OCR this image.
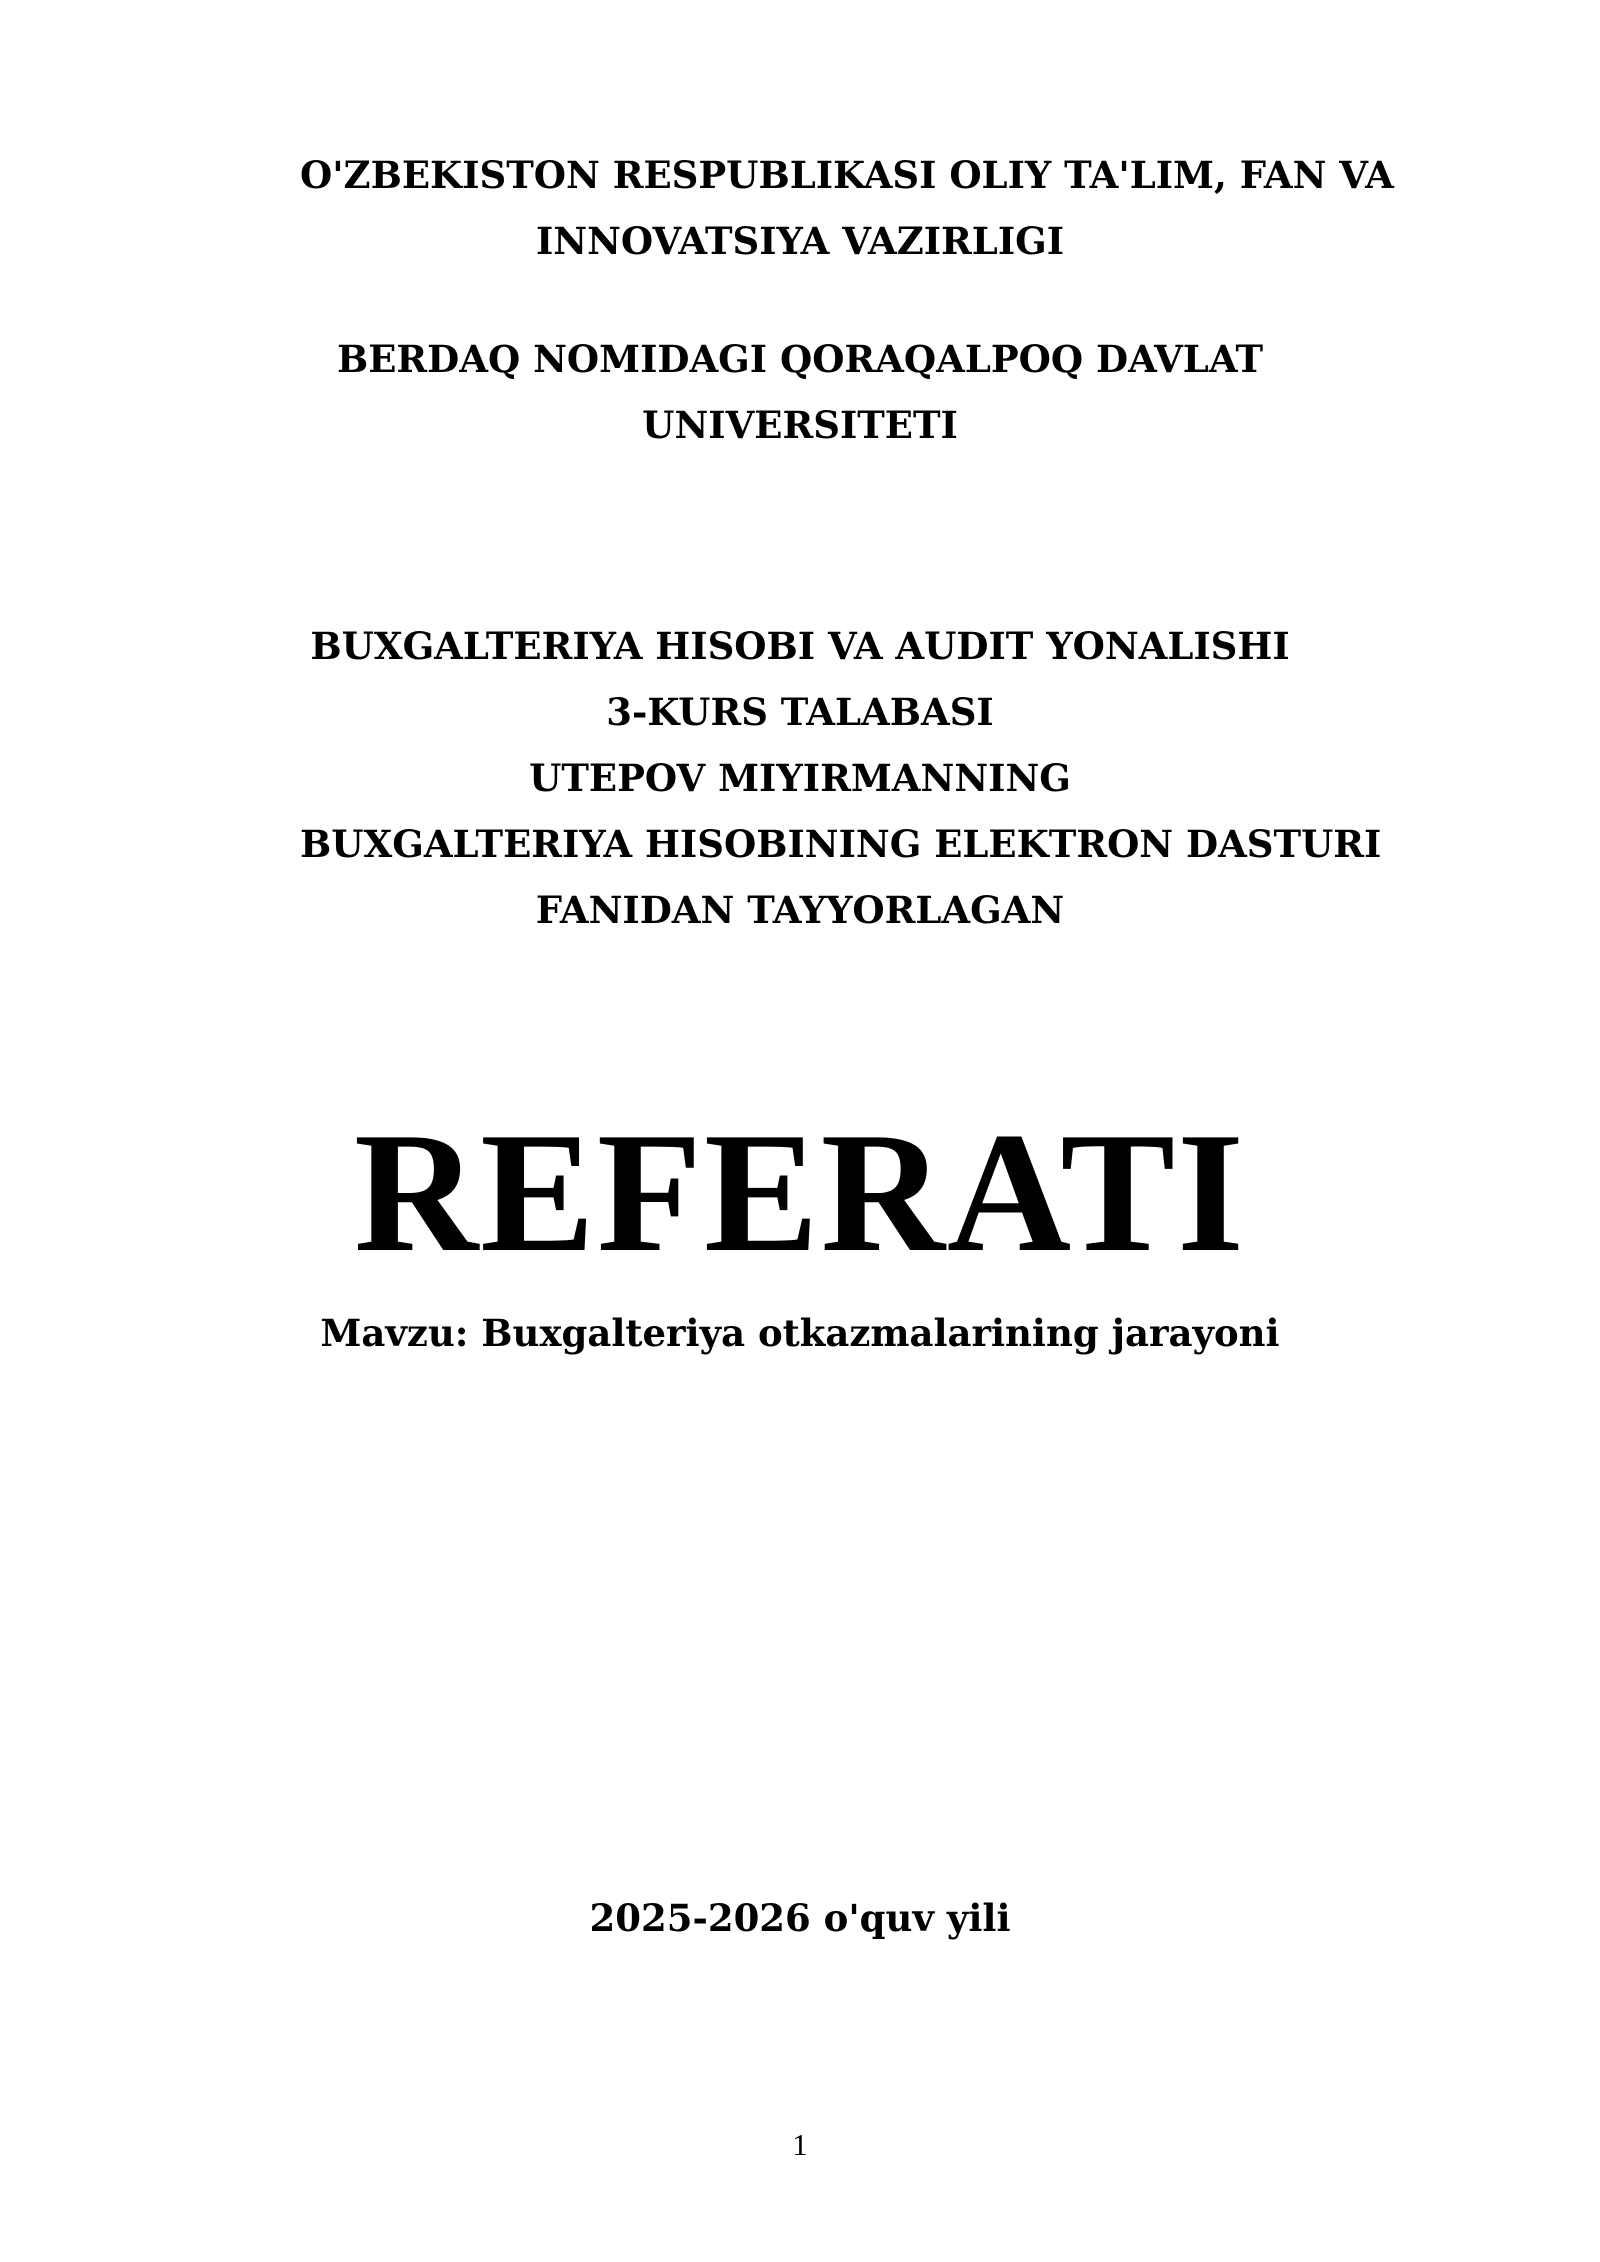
O'ZBEKISTON RESPUBLIKASI OLIY TA'LIM, FAN VA
INNOVATSIYA VAZIRLIGI
BERDAQ NOMIDAGI QORAQALPOQ DAVLAT
UNIVERSITETI
BUXGALTERIYA HISOBI VA AUDIT YONALISHI
3-KURS TALABASI
UTEPOV MIYIRMANNING
BUXGALTERIYA HISOBINING ELEKTRON DASTURI
FANIDAN TAYYORLAGAN
REFERATI
Mavzu: Buxgalteriya otkazmalarining jarayoni
2025-2026 o'quv yili
1
